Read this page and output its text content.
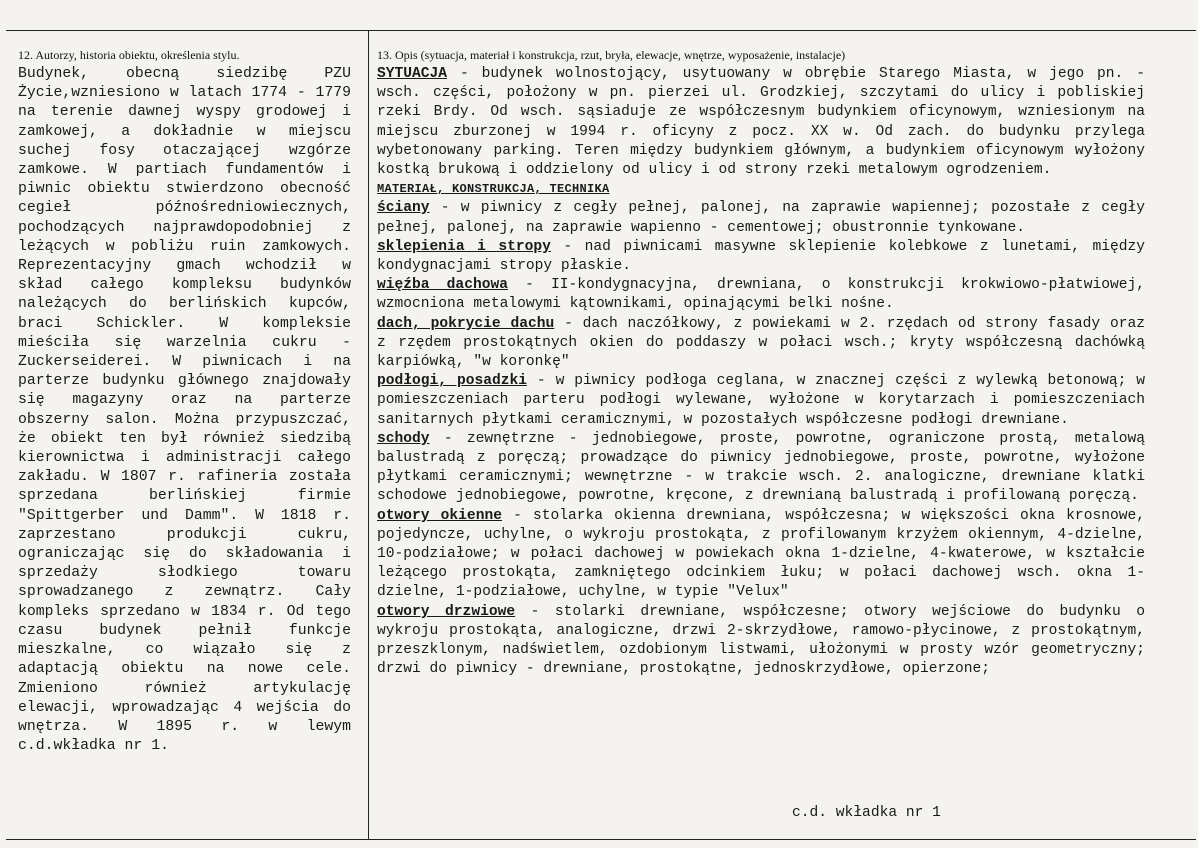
12. Autorzy, historia obiektu, określenia stylu.

Budynek, obecną siedzibę PZU Życie,wzniesiono w latach 1774 - 1779 na terenie dawnej wyspy grodowej i zamkowej, a dokładnie w miejscu suchej fosy otaczającej wzgórze zamkowe. W partiach fundamentów i piwnic obiektu stwierdzono obecność cegieł późnośredniowiecznych, pochodzących najprawdopodobniej z leżących w pobliżu ruin zamkowych. Reprezentacyjny gmach wchodził w skład całego kompleksu budynków należących do berlińskich kupców, braci Schickler. W kompleksie mieściła się warzelnia cukru - Zuckerseiderei. W piwnicach i na parterze budynku głównego znajdowały się magazyny oraz na parterze obszerny salon. Można przypuszczać, że obiekt ten był również siedzibą kierownictwa i administracji całego zakładu. W 1807 r. rafineria została sprzedana berlińskiej firmie "Spittgerber und Damm". W 1818 r. zaprzestano produkcji cukru, ograniczając się do składowania i sprzedaży słodkiego towaru sprowadzanego z zewnątrz. Cały kompleks sprzedano w 1834 r. Od tego czasu budynek pełnił funkcje mieszkalne, co wiązało się z adaptacją obiektu na nowe cele. Zmieniono również artykulację elewacji, wprowadzając 4 wejścia do wnętrza. W 1895 r. w lewym c.d.wkładka nr 1.

13. Opis (sytuacja, materiał i konstrukcja, rzut, bryła, elewacje, wnętrze, wyposażenie, instalacje)

SYTUACJA - budynek wolnostojący, usytuowany w obrębie Starego Miasta, w jego pn. - wsch. części, położony w pn. pierzei ul. Grodzkiej, szczytami do ulicy i pobliskiej rzeki Brdy. Od wsch. sąsiaduje ze współczesnym budynkiem oficynowym, wzniesionym na miejscu zburzonej w 1994 r. oficyny z pocz. XX w. Od zach. do budynku przylega wybetonowany parking. Teren między budynkiem głównym, a budynkiem oficynowym wyłożony kostką brukową i oddzielony od ulicy i od strony rzeki metalowym ogrodzeniem.

MATERIAŁ, KONSTRUKCJA, TECHNIKA

ściany - w piwnicy z cegły pełnej, palonej, na zaprawie wapiennej; pozostałe z cegły pełnej, palonej, na zaprawie wapienno - cementowej; obustronnie tynkowane.

sklepienia i stropy - nad piwnicami masywne sklepienie kolebkowe z lunetami, między kondygnacjami stropy płaskie.

więźba dachowa - II-kondygnacyjna, drewniana, o konstrukcji krokwiowo-płatwiowej, wzmocniona metalowymi kątownikami, opinającymi belki nośne.

dach, pokrycie dachu - dach naczółkowy, z powiekami w 2. rzędach od strony fasady oraz z rzędem prostokątnych okien do poddaszy w połaci wsch.; kryty współczesną dachówką karpiówką, "w koronkę"

podłogi, posadzki - w piwnicy podłoga ceglana, w znacznej części z wylewką betonową; w pomieszczeniach parteru podłogi wylewane, wyłożone w korytarzach i pomieszczeniach sanitarnych płytkami ceramicznymi, w pozostałych współczesne podłogi drewniane.

schody - zewnętrzne - jednobiegowe, proste, powrotne, ograniczone prostą, metalową balustradą z poręczą; prowadzące do piwnicy jednobiegowe, proste, powrotne, wyłożone płytkami ceramicznymi; wewnętrzne - w trakcie wsch. 2. analogiczne, drewniane klatki schodowe jednobiegowe, powrotne, kręcone, z drewnianą balustradą i profilowaną poręczą.

otwory okienne - stolarka okienna drewniana, współczesna; w większości okna krosnowe, pojedyncze, uchylne, o wykroju prostokąta, z profilowanym krzyżem okiennym, 4-dzielne, 10-podziałowe; w połaci dachowej w powiekach okna 1-dzielne, 4-kwaterowe, w kształcie leżącego prostokąta, zamkniętego odcinkiem łuku; w połaci dachowej wsch. okna 1-dzielne, 1-podziałowe, uchylne, w typie "Velux"

otwory drzwiowe - stolarki drewniane, współczesne; otwory wejściowe do budynku o wykroju prostokąta, analogiczne, drzwi 2-skrzydłowe, ramowo-płycinowe, z prostokątnym, przeszklonym, nadświetlem, ozdobionym listwami, ułożonymi w prosty wzór geometryczny; drzwi do piwnicy - drewniane, prostokątne, jednoskrzydłowe, opierzone;

c.d. wkładka nr 1
